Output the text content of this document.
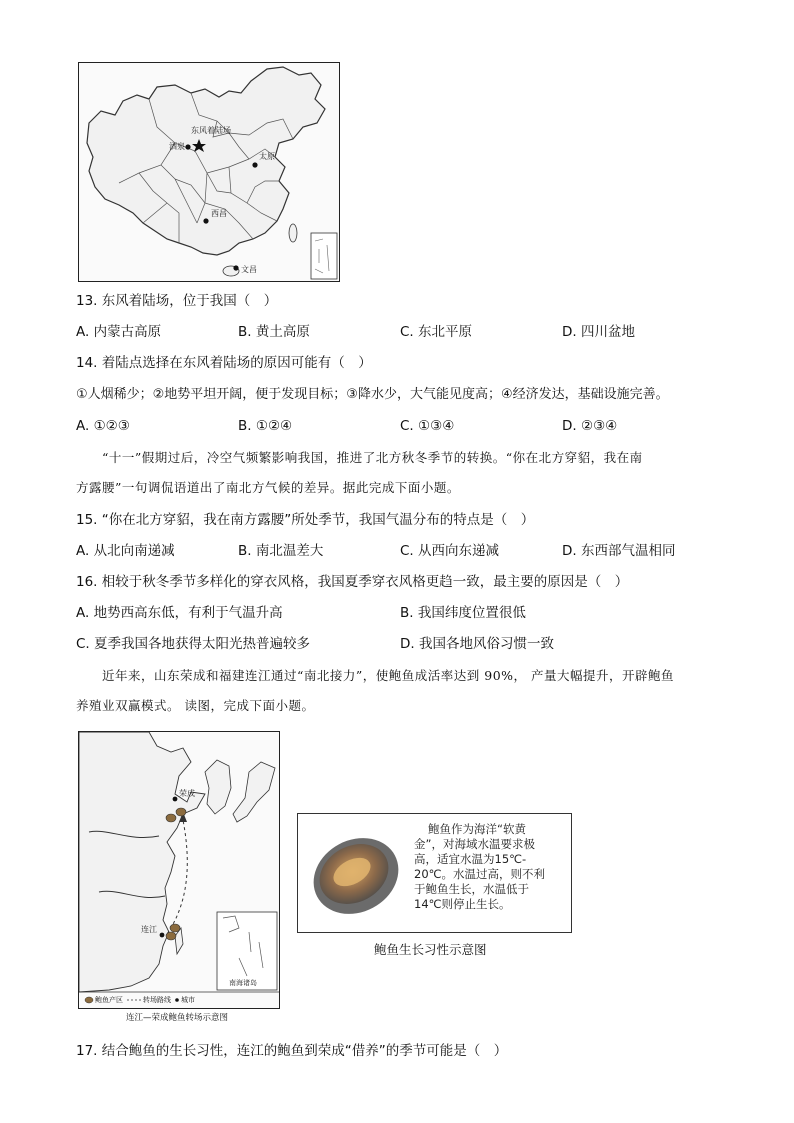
东风着陆场
酒泉
太原
西昌
文昌
13. 东风着陆场，位于我国（　）
A. 内蒙古高原	B. 黄土高原	C. 东北平原	D. 四川盆地
14. 着陆点选择在东风着陆场的原因可能有（　）
①人烟稀少；②地势平坦开阔，便于发现目标；③降水少，大气能见度高；④经济发达，基础设施完善。
A. ①②③	B. ①②④	C. ①③④	D. ②③④
“十一”假期过后，冷空气频繁影响我国，推进了北方秋冬季节的转换。“你在北方穿貂，我在南
方露腰”一句调侃语道出了南北方气候的差异。据此完成下面小题。
15. “你在北方穿貂，我在南方露腰”所处季节，我国气温分布的特点是（　）
A. 从北向南递减	B. 南北温差大	C. 从西向东递减	D. 东西部气温相同
16. 相较于秋冬季节多样化的穿衣风格，我国夏季穿衣风格更趋一致，最主要的原因是（　）
A. 地势西高东低，有利于气温升高	B. 我国纬度位置很低
C. 夏季我国各地获得太阳光热普遍较多	D. 我国各地风俗习惯一致
近年来，山东荣成和福建连江通过“南北接力”，使鲍鱼成活率达到 90%， 产量大幅提升，开辟鲍鱼
养殖业双赢模式。 读图，完成下面小题。
荣成
连江
南海诸岛
鲍鱼产区	转场路线 城市
连江—荣成鲍鱼转场示意图
鲍鱼作为海洋“软黄
金”，对海域水温要求极
高，适宜水温为15℃-
20℃。水温过高，则不利
于鲍鱼生长，水温低于
14℃则停止生长。
鲍鱼生长习性示意图
17. 结合鲍鱼的生长习性，连江的鲍鱼到荣成“借养”的季节可能是（　）
